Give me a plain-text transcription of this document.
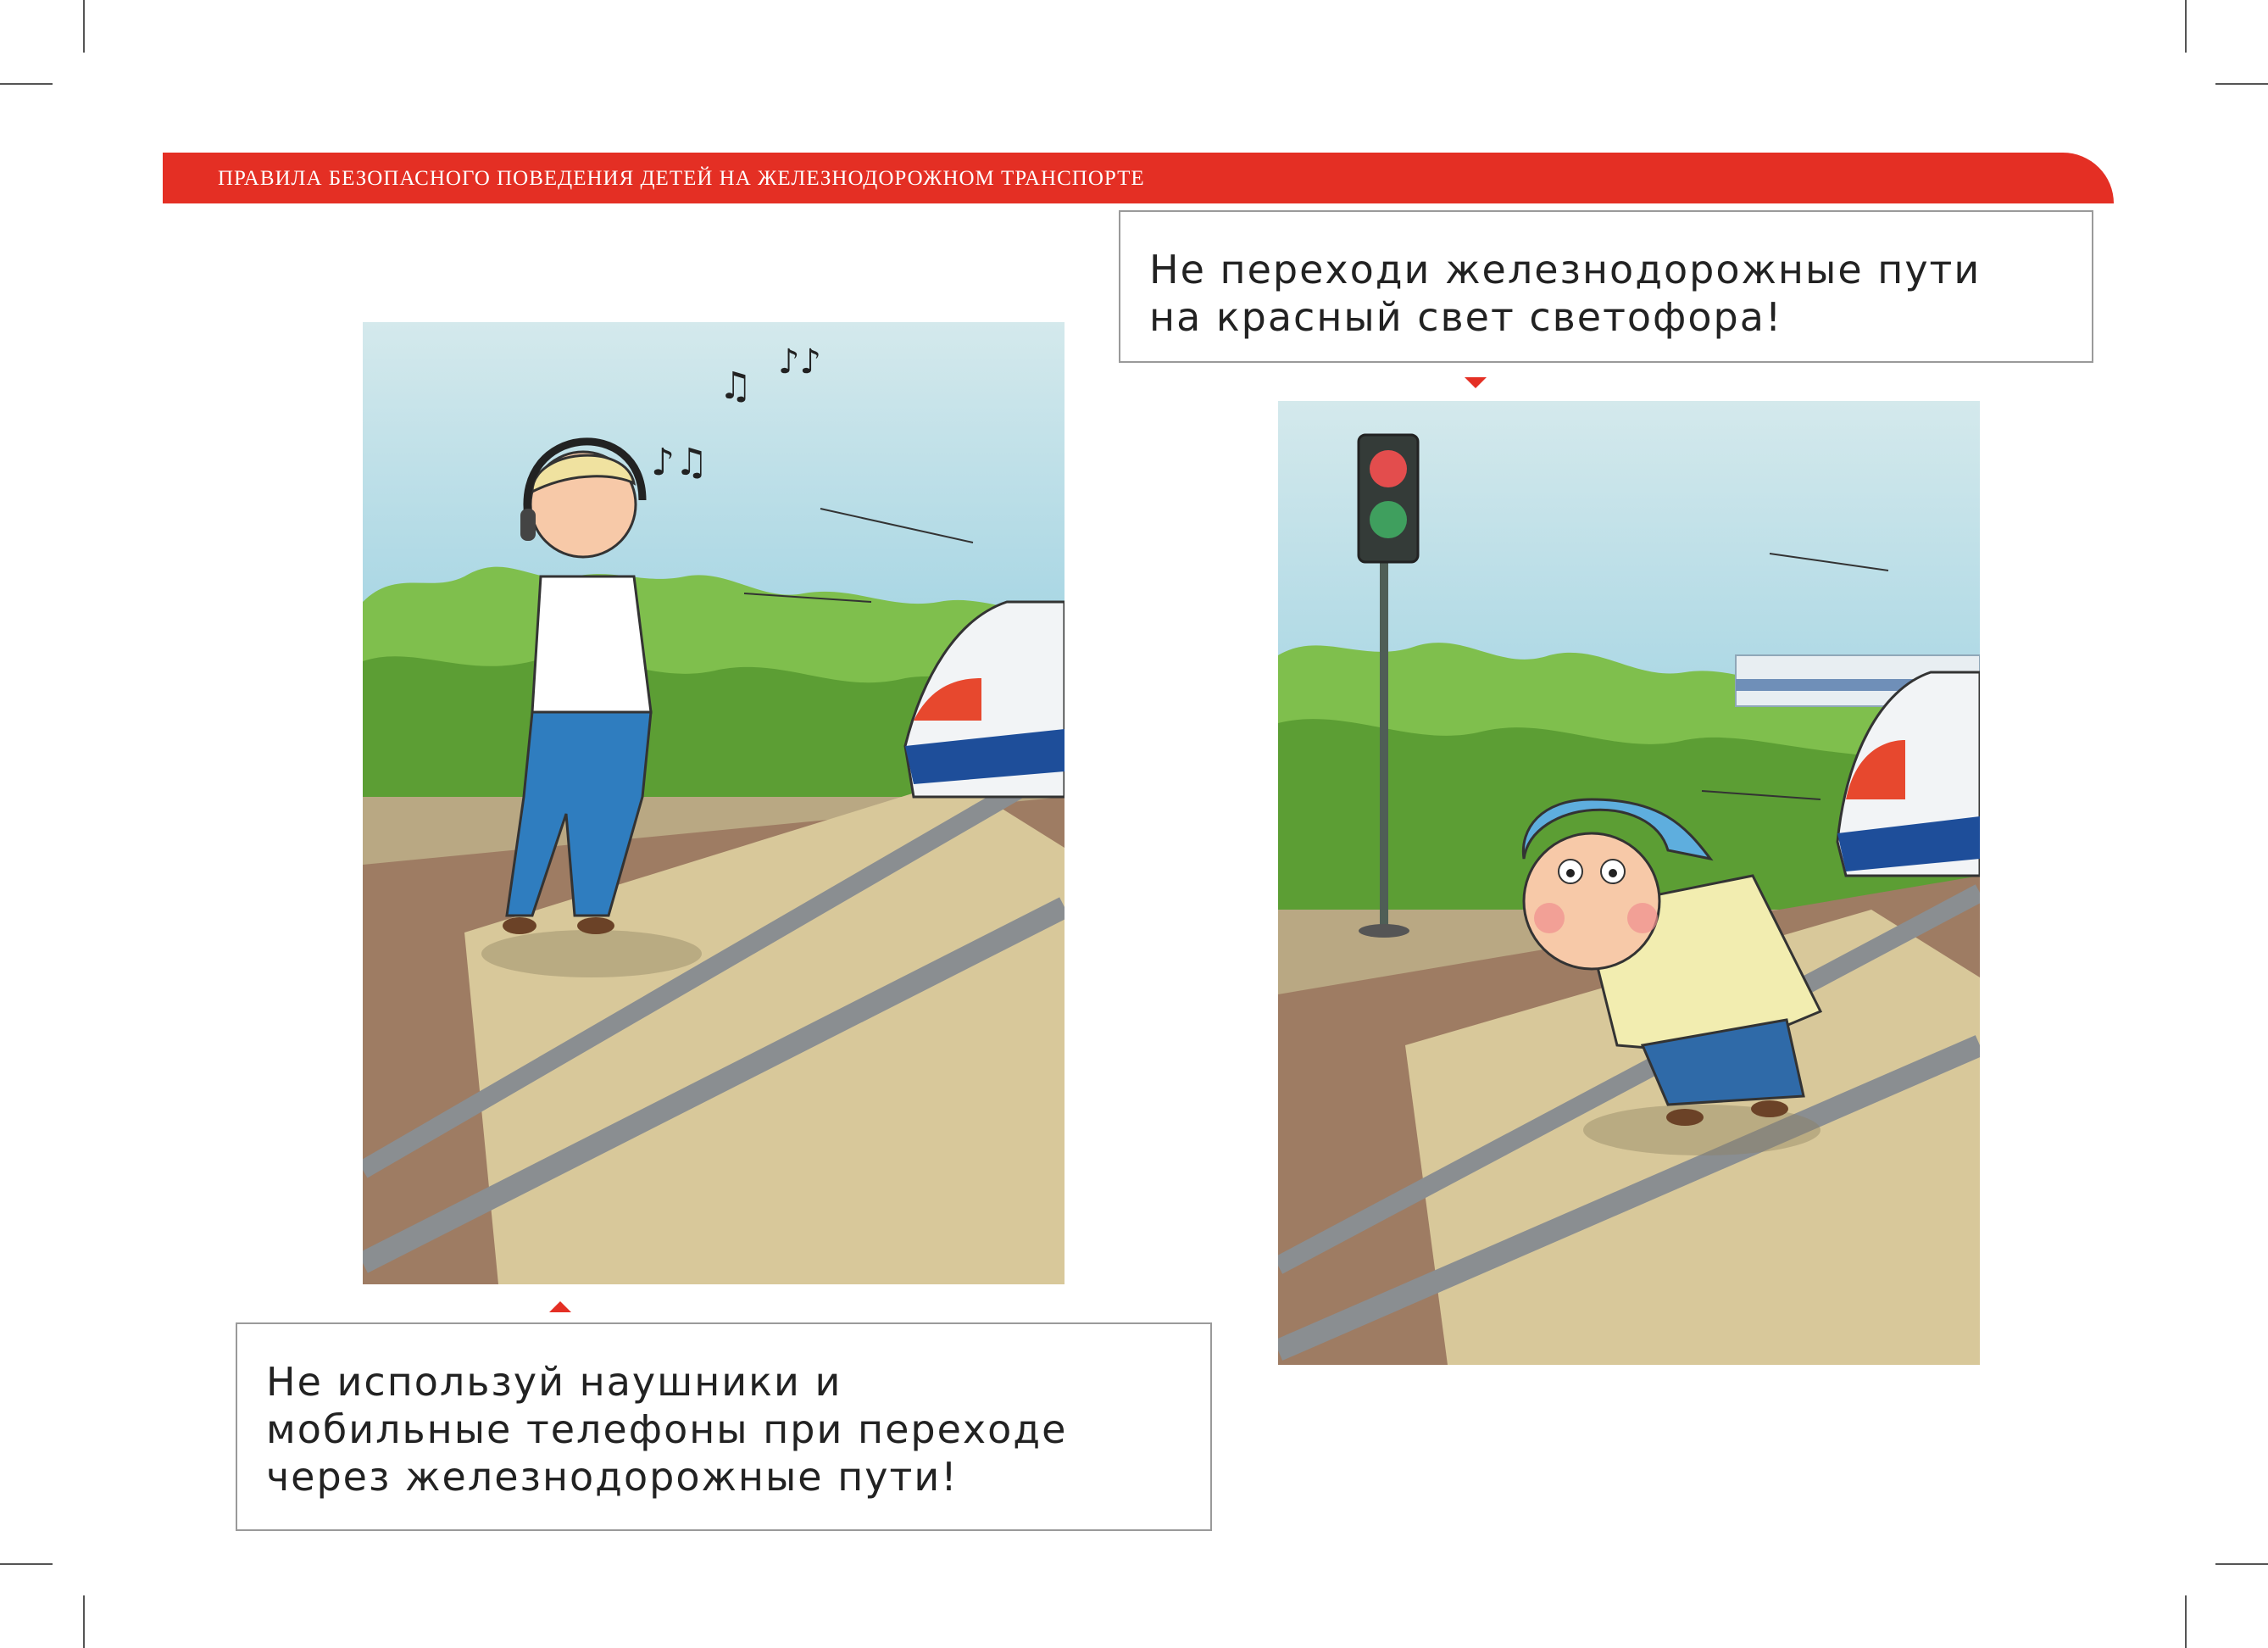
ПРАВИЛА БЕЗОПАСНОГО ПОВЕДЕНИЯ ДЕТЕЙ НА ЖЕЛЕЗНОДОРОЖНОМ ТРАНСПОРТЕ
♪♫
♫
♪♪
Не переходи железнодорожные пути
на красный свет светофора!
Не используй наушники и
мобильные телефоны при переходе
через железнодорожные пути!
